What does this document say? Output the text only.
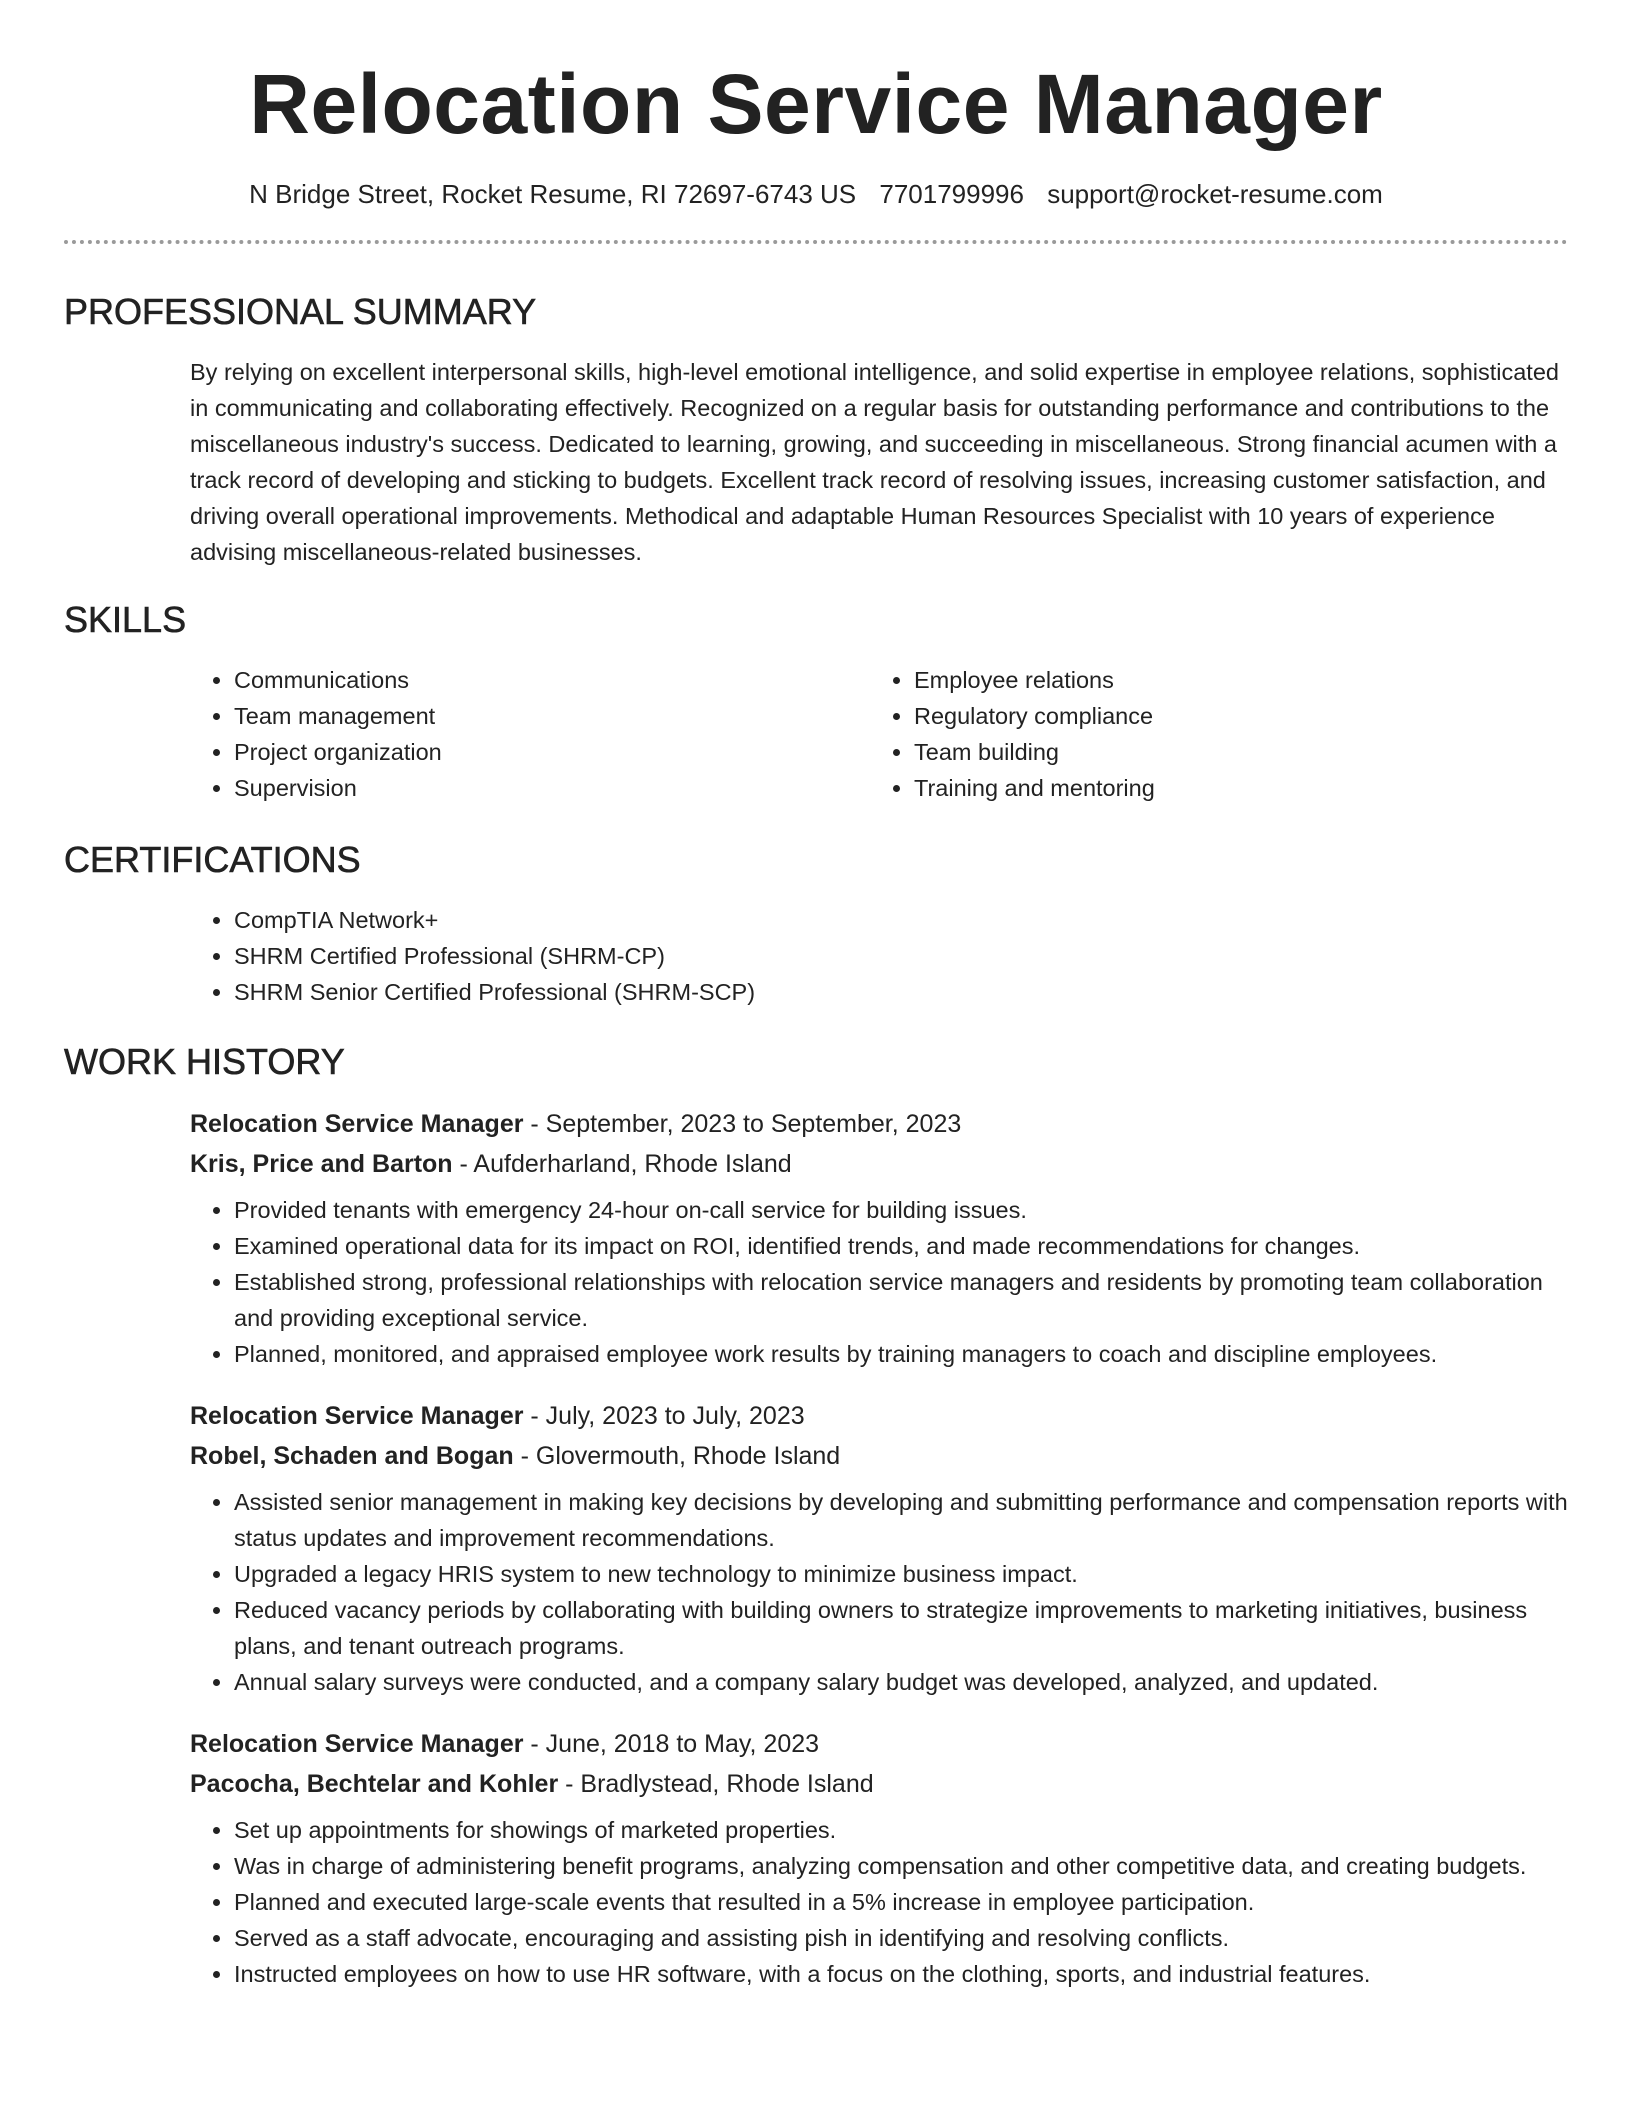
Relocation Service Manager
N Bridge Street, Rocket Resume, RI 72697-6743 US 7701799996 support@rocket-resume.com
PROFESSIONAL SUMMARY
By relying on excellent interpersonal skills, high-level emotional intelligence, and solid expertise in employee relations, sophisticated in communicating and collaborating effectively. Recognized on a regular basis for outstanding performance and contributions to the miscellaneous industry's success. Dedicated to learning, growing, and succeeding in miscellaneous. Strong financial acumen with a track record of developing and sticking to budgets. Excellent track record of resolving issues, increasing customer satisfaction, and driving overall operational improvements. Methodical and adaptable Human Resources Specialist with 10 years of experience advising miscellaneous-related businesses.
SKILLS
• Communications
• Team management
• Project organization
• Supervision
• Employee relations
• Regulatory compliance
• Team building
• Training and mentoring
CERTIFICATIONS
• CompTIA Network+
• SHRM Certified Professional (SHRM-CP)
• SHRM Senior Certified Professional (SHRM-SCP)
WORK HISTORY
Relocation Service Manager - September, 2023 to September, 2023
Kris, Price and Barton - Aufderharland, Rhode Island
• Provided tenants with emergency 24-hour on-call service for building issues.
• Examined operational data for its impact on ROI, identified trends, and made recommendations for changes.
• Established strong, professional relationships with relocation service managers and residents by promoting team collaboration and providing exceptional service.
• Planned, monitored, and appraised employee work results by training managers to coach and discipline employees.
Relocation Service Manager - July, 2023 to July, 2023
Robel, Schaden and Bogan - Glovermouth, Rhode Island
• Assisted senior management in making key decisions by developing and submitting performance and compensation reports with status updates and improvement recommendations.
• Upgraded a legacy HRIS system to new technology to minimize business impact.
• Reduced vacancy periods by collaborating with building owners to strategize improvements to marketing initiatives, business plans, and tenant outreach programs.
• Annual salary surveys were conducted, and a company salary budget was developed, analyzed, and updated.
Relocation Service Manager - June, 2018 to May, 2023
Pacocha, Bechtelar and Kohler - Bradlystead, Rhode Island
• Set up appointments for showings of marketed properties.
• Was in charge of administering benefit programs, analyzing compensation and other competitive data, and creating budgets.
• Planned and executed large-scale events that resulted in a 5% increase in employee participation.
• Served as a staff advocate, encouraging and assisting pish in identifying and resolving conflicts.
• Instructed employees on how to use HR software, with a focus on the clothing, sports, and industrial features.
